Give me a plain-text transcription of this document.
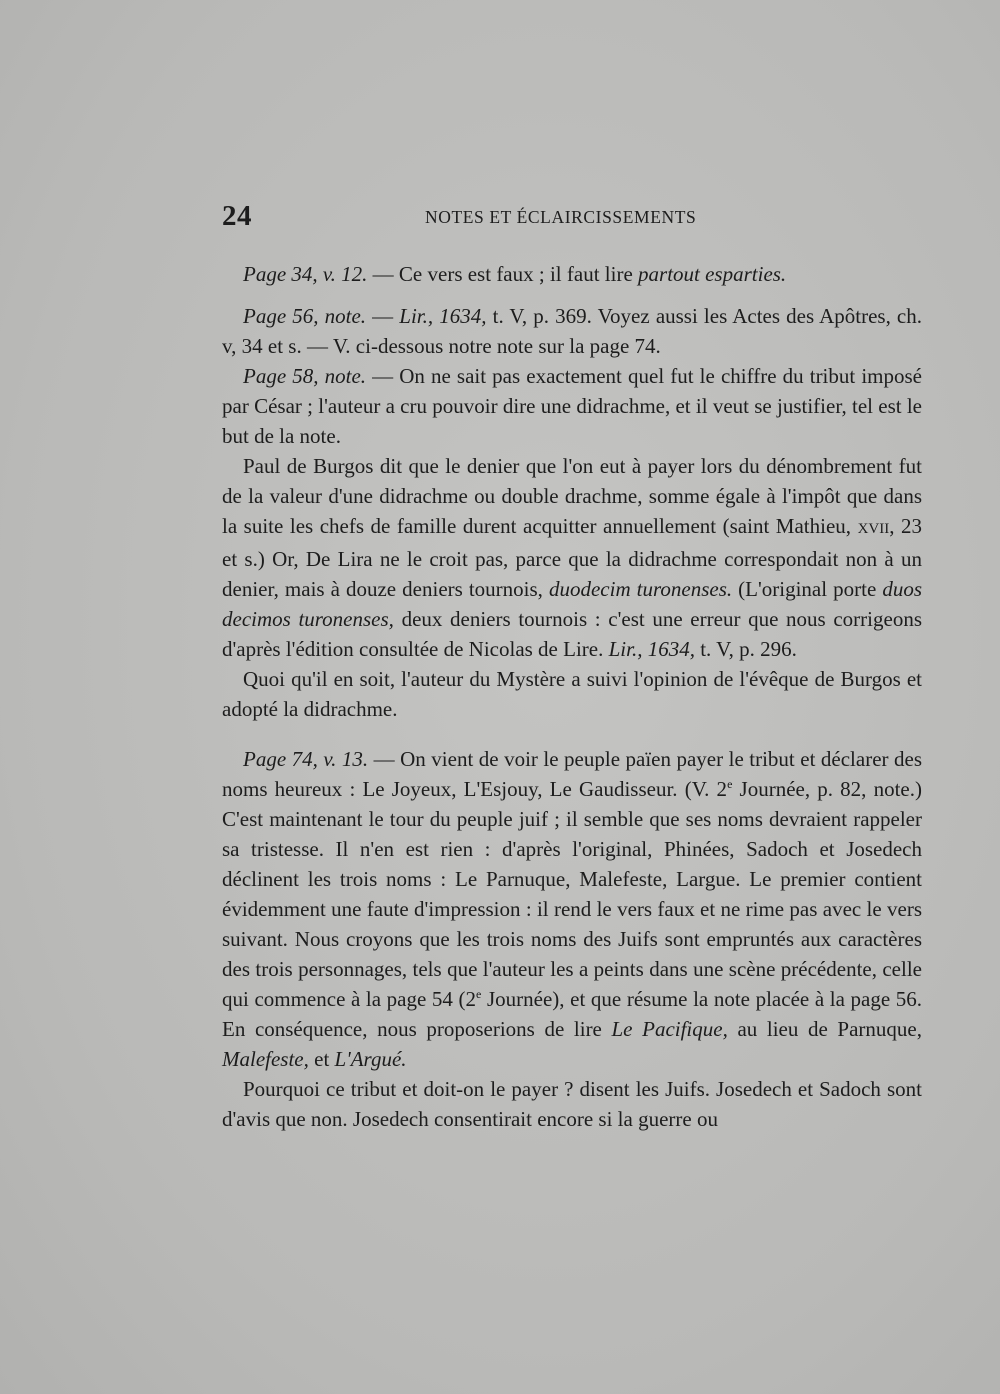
24	NOTES ET ÉCLAIRCISSEMENTS

Page 34, v. 12. — Ce vers est faux ; il faut lire partout esparties.

Page 56, note. — Lir., 1634, t. V, p. 369. Voyez aussi les Actes des Apôtres, ch. v, 34 et s. — V. ci-dessous notre note sur la page 74.

Page 58, note. — On ne sait pas exactement quel fut le chiffre du tribut imposé par César ; l'auteur a cru pouvoir dire une didrachme, et il veut se justifier, tel est le but de la note.

Paul de Burgos dit que le denier que l'on eut à payer lors du dénombrement fut de la valeur d'une didrachme ou double drachme, somme égale à l'impôt que dans la suite les chefs de famille durent acquitter annuellement (saint Mathieu, XVII, 23 et s.) Or, De Lira ne le croit pas, parce que la didrachme correspondait non à un denier, mais à douze deniers tournois, duodecim turonenses. (L'original porte duos decimos turonenses, deux deniers tournois : c'est une erreur que nous corrigeons d'après l'édition consultée de Nicolas de Lire. Lir., 1634, t. V, p. 296.

Quoi qu'il en soit, l'auteur du Mystère a suivi l'opinion de l'évêque de Burgos et adopté la didrachme.

Page 74, v. 13. — On vient de voir le peuple païen payer le tribut et déclarer des noms heureux : Le Joyeux, L'Esjouy, Le Gaudisseur. (V. 2e Journée, p. 82, note.) C'est maintenant le tour du peuple juif ; il semble que ses noms devraient rappeler sa tristesse. Il n'en est rien : d'après l'original, Phinées, Sadoch et Josedech déclinent les trois noms : Le Parnuque, Malefeste, Largue. Le premier contient évidemment une faute d'impression : il rend le vers faux et ne rime pas avec le vers suivant. Nous croyons que les trois noms des Juifs sont empruntés aux caractères des trois personnages, tels que l'auteur les a peints dans une scène précédente, celle qui commence à la page 54 (2e Journée), et que résume la note placée à la page 56. En conséquence, nous proposerions de lire Le Pacifique, au lieu de Parnuque, Malefeste, et L'Argué.

Pourquoi ce tribut et doit-on le payer ? disent les Juifs. Josedech et Sadoch sont d'avis que non. Josedech consentirait encore si la guerre ou
